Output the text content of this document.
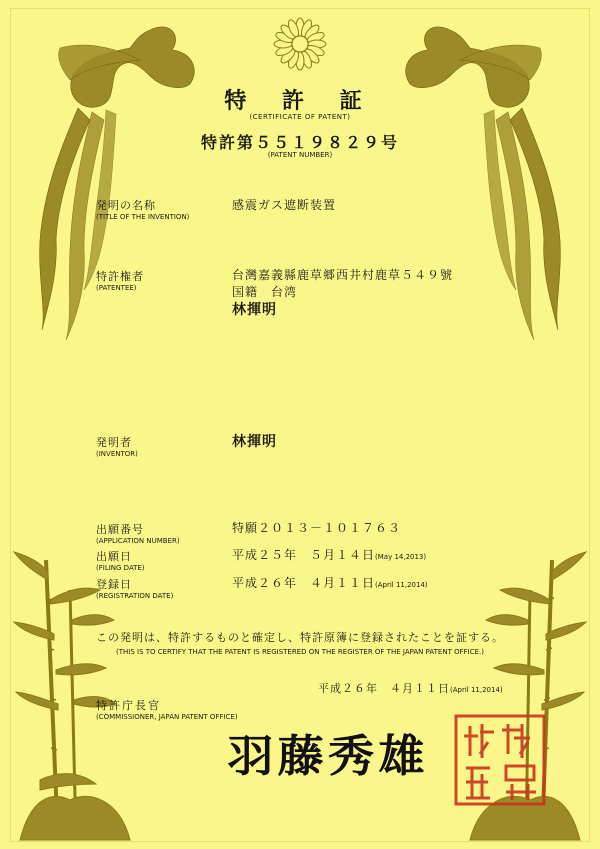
特 許 証
(CERTIFICATE OF PATENT)
特許第５５１９８２９号
(PATENT NUMBER)
発明の名称
(TITLE OF THE INVENTION)
感震ガス遮断装置
特許権者
(PATENTEE)
台灣嘉義縣鹿草郷西井村鹿草５４９號
国籍　台湾
林揮明
発明者
(INVENTOR)
林揮明
出願番号
(APPLICATION NUMBER)
特願２０１３－１０１７６３
出願日
(FILING DATE)
平成２５年　５月１４日(May 14,2013)
登録日
(REGISTRATION DATE)
平成２６年　４月１１日(April 11,2014)
この発明は、特許するものと確定し、特許原簿に登録されたことを証する。
(THIS IS TO CERTIFY THAT THE PATENT IS REGISTERED ON THE REGISTER OF THE JAPAN PATENT OFFICE.)
平成２６年　４月１１日(April 11,2014)
特許庁長官
(COMMISSIONER, JAPAN PATENT OFFICE)
羽藤秀雄
